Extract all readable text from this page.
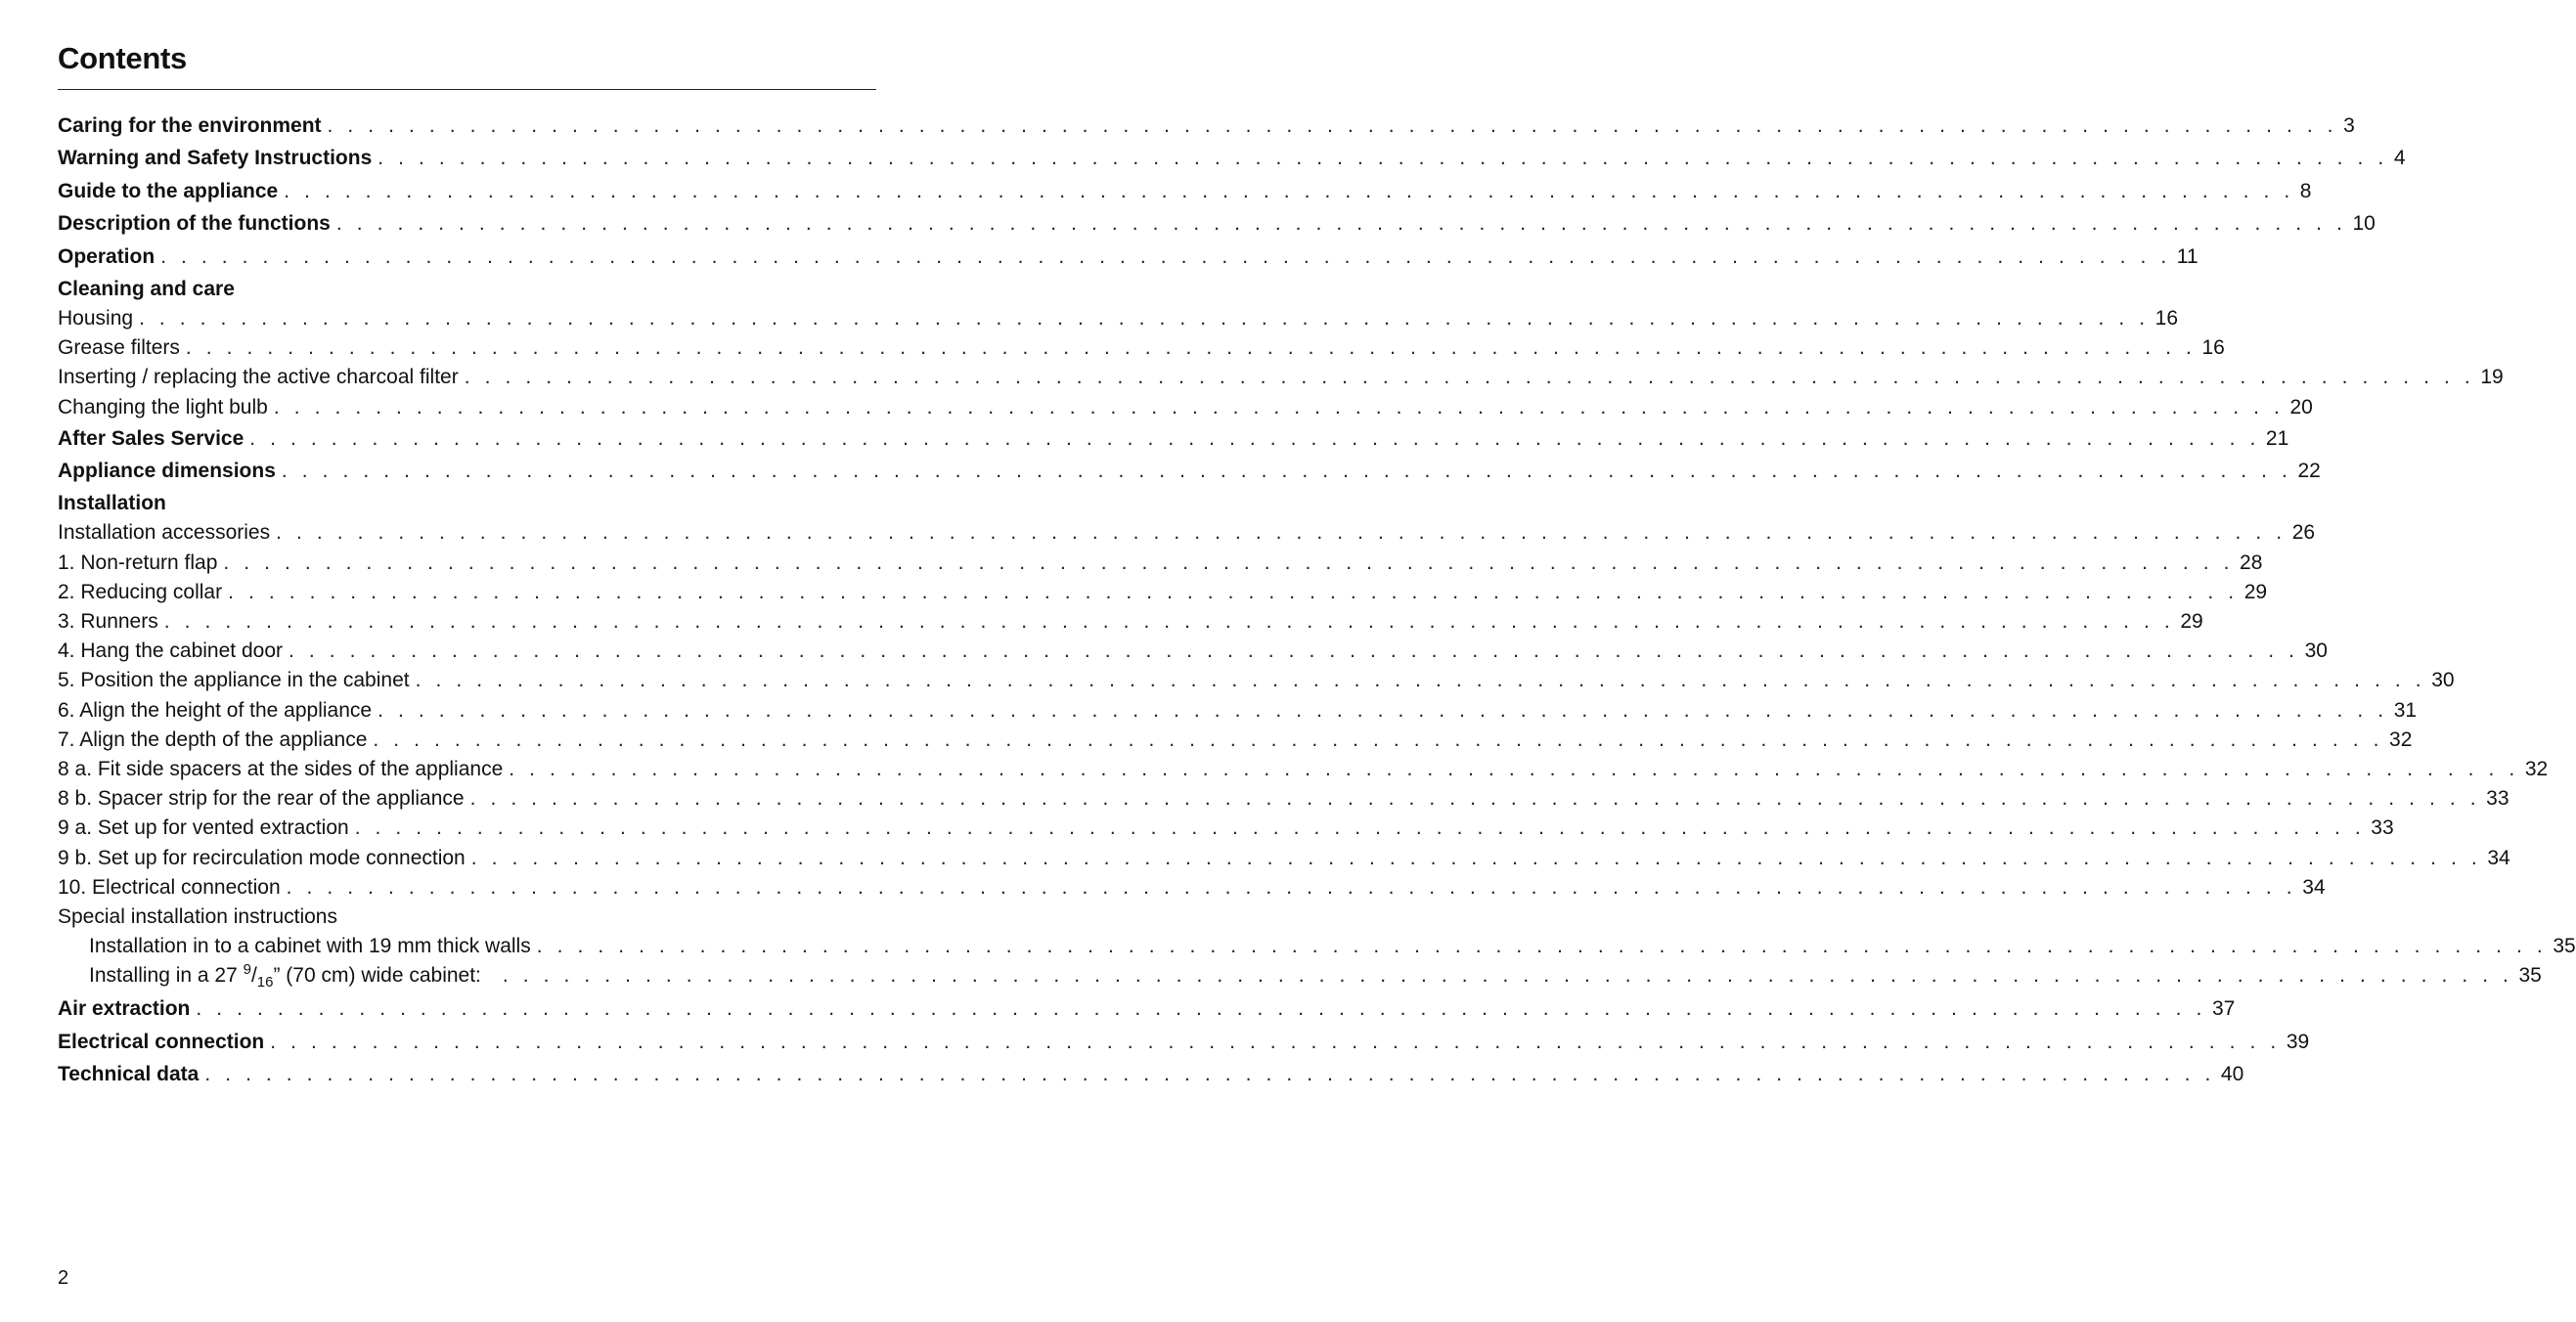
Contents
Caring for the environment . . . . . . . . . . . . . . . . . . . . . . . . . . . . . . . . . . . . . . . . . . . . . . . . . . . . . . . . . . . . . . . . . . . . . . . . . . . . . . . . . . . . . . . . . . . . . . . . . . . 3
Warning and Safety Instructions . . . . . . . . . . . . . . . . . . . . . . . . . . . . . . . . . . . . . . . . . . . . . . . . . . . . . . . . . . . . . . . . . . . . . . . . . . . . . . . . . . . . . . . . . . . . . . . . . . . 4
Guide to the appliance . . . . . . . . . . . . . . . . . . . . . . . . . . . . . . . . . . . . . . . . . . . . . . . . . . . . . . . . . . . . . . . . . . . . . . . . . . . . . . . . . . . . . . . . . . . . . . . . . . . 8
Description of the functions . . . . . . . . . . . . . . . . . . . . . . . . . . . . . . . . . . . . . . . . . . . . . . . . . . . . . . . . . . . . . . . . . . . . . . . . . . . . . . . . . . . . . . . . . . . . . . . . . . . 10
Operation . . . . . . . . . . . . . . . . . . . . . . . . . . . . . . . . . . . . . . . . . . . . . . . . . . . . . . . . . . . . . . . . . . . . . . . . . . . . . . . . . . . . . . . . . . . . . . . . . . . 11
Cleaning and care
Housing . . . . . . . . . . . . . . . . . . . . . . . . . . . . . . . . . . . . . . . . . . . . . . . . . . . . . . . . . . . . . . . . . . . . . . . . . . . . . . . . . . . . . . . . . . . . . . . . . . . 16
Grease filters . . . . . . . . . . . . . . . . . . . . . . . . . . . . . . . . . . . . . . . . . . . . . . . . . . . . . . . . . . . . . . . . . . . . . . . . . . . . . . . . . . . . . . . . . . . . . . . . . . . 16
Inserting / replacing the active charcoal filter . . . . . . . . . . . . . . . . . . . . . . . . . . . . . . . . . . . . . . . . . . . . . . . . . . . . . . . . . . . . . . . . . . . . . . . . . . . . . . . . . . . . . . . . . . . . . . . . . . . 19
Changing the light bulb . . . . . . . . . . . . . . . . . . . . . . . . . . . . . . . . . . . . . . . . . . . . . . . . . . . . . . . . . . . . . . . . . . . . . . . . . . . . . . . . . . . . . . . . . . . . . . . . . . . 20
After Sales Service . . . . . . . . . . . . . . . . . . . . . . . . . . . . . . . . . . . . . . . . . . . . . . . . . . . . . . . . . . . . . . . . . . . . . . . . . . . . . . . . . . . . . . . . . . . . . . . . . . . 21
Appliance dimensions . . . . . . . . . . . . . . . . . . . . . . . . . . . . . . . . . . . . . . . . . . . . . . . . . . . . . . . . . . . . . . . . . . . . . . . . . . . . . . . . . . . . . . . . . . . . . . . . . . . 22
Installation
Installation accessories . . . . . . . . . . . . . . . . . . . . . . . . . . . . . . . . . . . . . . . . . . . . . . . . . . . . . . . . . . . . . . . . . . . . . . . . . . . . . . . . . . . . . . . . . . . . . . . . . . . 26
1. Non-return flap . . . . . . . . . . . . . . . . . . . . . . . . . . . . . . . . . . . . . . . . . . . . . . . . . . . . . . . . . . . . . . . . . . . . . . . . . . . . . . . . . . . . . . . . . . . . . . . . . . . 28
2. Reducing collar . . . . . . . . . . . . . . . . . . . . . . . . . . . . . . . . . . . . . . . . . . . . . . . . . . . . . . . . . . . . . . . . . . . . . . . . . . . . . . . . . . . . . . . . . . . . . . . . . . . 29
3. Runners . . . . . . . . . . . . . . . . . . . . . . . . . . . . . . . . . . . . . . . . . . . . . . . . . . . . . . . . . . . . . . . . . . . . . . . . . . . . . . . . . . . . . . . . . . . . . . . . . . . 29
4. Hang the cabinet door . . . . . . . . . . . . . . . . . . . . . . . . . . . . . . . . . . . . . . . . . . . . . . . . . . . . . . . . . . . . . . . . . . . . . . . . . . . . . . . . . . . . . . . . . . . . . . . . . . . 30
5. Position the appliance in the cabinet . . . . . . . . . . . . . . . . . . . . . . . . . . . . . . . . . . . . . . . . . . . . . . . . . . . . . . . . . . . . . . . . . . . . . . . . . . . . . . . . . . . . . . . . . . . . . . . . . . . 30
6. Align the height of the appliance . . . . . . . . . . . . . . . . . . . . . . . . . . . . . . . . . . . . . . . . . . . . . . . . . . . . . . . . . . . . . . . . . . . . . . . . . . . . . . . . . . . . . . . . . . . . . . . . . . . 31
7. Align the depth of the appliance . . . . . . . . . . . . . . . . . . . . . . . . . . . . . . . . . . . . . . . . . . . . . . . . . . . . . . . . . . . . . . . . . . . . . . . . . . . . . . . . . . . . . . . . . . . . . . . . . . . 32
8 a. Fit side spacers at the sides of the appliance . . . . . . . . . . . . . . . . . . . . . . . . . . . . . . . . . . . . . . . . . . . . . . . . . . . . . . . . . . . . . . . . . . . . . . . . . . . . . . . . . . . . . . . . . . . . . . . . . . . 32
8 b. Spacer strip for the rear of the appliance . . . . . . . . . . . . . . . . . . . . . . . . . . . . . . . . . . . . . . . . . . . . . . . . . . . . . . . . . . . . . . . . . . . . . . . . . . . . . . . . . . . . . . . . . . . . . . . . . . . 33
9 a. Set up for vented extraction . . . . . . . . . . . . . . . . . . . . . . . . . . . . . . . . . . . . . . . . . . . . . . . . . . . . . . . . . . . . . . . . . . . . . . . . . . . . . . . . . . . . . . . . . . . . . . . . . . . 33
9 b. Set up for recirculation mode connection . . . . . . . . . . . . . . . . . . . . . . . . . . . . . . . . . . . . . . . . . . . . . . . . . . . . . . . . . . . . . . . . . . . . . . . . . . . . . . . . . . . . . . . . . . . . . . . . . . . 34
10. Electrical connection . . . . . . . . . . . . . . . . . . . . . . . . . . . . . . . . . . . . . . . . . . . . . . . . . . . . . . . . . . . . . . . . . . . . . . . . . . . . . . . . . . . . . . . . . . . . . . . . . . . 34
Special installation instructions
Installation in to a cabinet with 19 mm thick walls . . . . . . . . . . . . . . . . . . . . . . . . . . . . . . . . . . . . . . . . . . . . . . . . . . . . . . . . . . . . . . . . . . . . . . . . . . . . . . . . . . . . . . . . . . . . . . . . . . . 35
Installing in a 27 $^9/_{16}$” (70 cm) wide cabinet: . . . . . . . . . . . . . . . . . . . . . . . . . . . . . . . . . . . . . . . . . . . . . . . . . . . . . . . . . . . . . . . . . . . . . . . . . . . . . . . . . . . . . . . . . . . . . . . . . . . 35
Air extraction . . . . . . . . . . . . . . . . . . . . . . . . . . . . . . . . . . . . . . . . . . . . . . . . . . . . . . . . . . . . . . . . . . . . . . . . . . . . . . . . . . . . . . . . . . . . . . . . . . . 37
Electrical connection . . . . . . . . . . . . . . . . . . . . . . . . . . . . . . . . . . . . . . . . . . . . . . . . . . . . . . . . . . . . . . . . . . . . . . . . . . . . . . . . . . . . . . . . . . . . . . . . . . . 39
Technical data . . . . . . . . . . . . . . . . . . . . . . . . . . . . . . . . . . . . . . . . . . . . . . . . . . . . . . . . . . . . . . . . . . . . . . . . . . . . . . . . . . . . . . . . . . . . . . . . . . . 40
2
